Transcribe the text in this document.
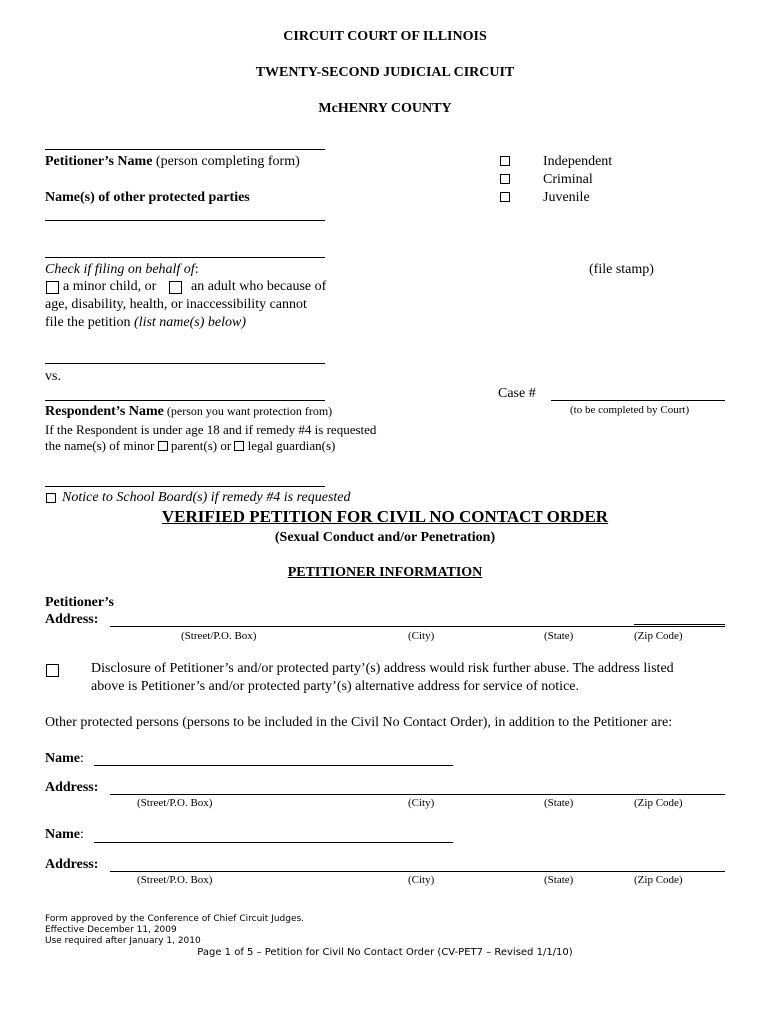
CIRCUIT COURT OF ILLINOIS
TWENTY-SECOND JUDICIAL CIRCUIT
McHENRY COUNTY
Petitioner’s Name (person completing form)
Name(s) of other protected parties
Check if filing on behalf of:
a minor child, or an adult who because of
age, disability, health, or inaccessibility cannot
file the petition (list name(s) below)
vs.
Independent
Criminal
Juvenile
(file stamp)
Case #
(to be completed by Court)
Respondent’s Name (person you want protection from)
If the Respondent is under age 18 and if remedy #4 is requested
the name(s) of minor  parent(s) or  legal guardian(s)
Notice to School Board(s) if remedy #4 is requested
VERIFIED PETITION FOR CIVIL NO CONTACT ORDER
(Sexual Conduct and/or Penetration)
PETITIONER INFORMATION
Petitioner’s
Address:
(Street/P.O. Box)	(City)	(State)	(Zip Code)
Disclosure of Petitioner’s and/or protected party’(s) address would risk further abuse. The address listed
above is Petitioner’s and/or protected party’(s) alternative address for service of notice.
Other protected persons (persons to be included in the Civil No Contact Order), in addition to the Petitioner are:
Name:
Address:
(Street/P.O. Box)	(City)	(State)	(Zip Code)
Name:
Address:
(Street/P.O. Box)	(City)	(State)	(Zip Code)
Form approved by the Conference of Chief Circuit Judges.
Effective December 11, 2009
Use required after January 1, 2010
Page 1 of 5 – Petition for Civil No Contact Order (CV-PET7 – Revised 1/1/10)
